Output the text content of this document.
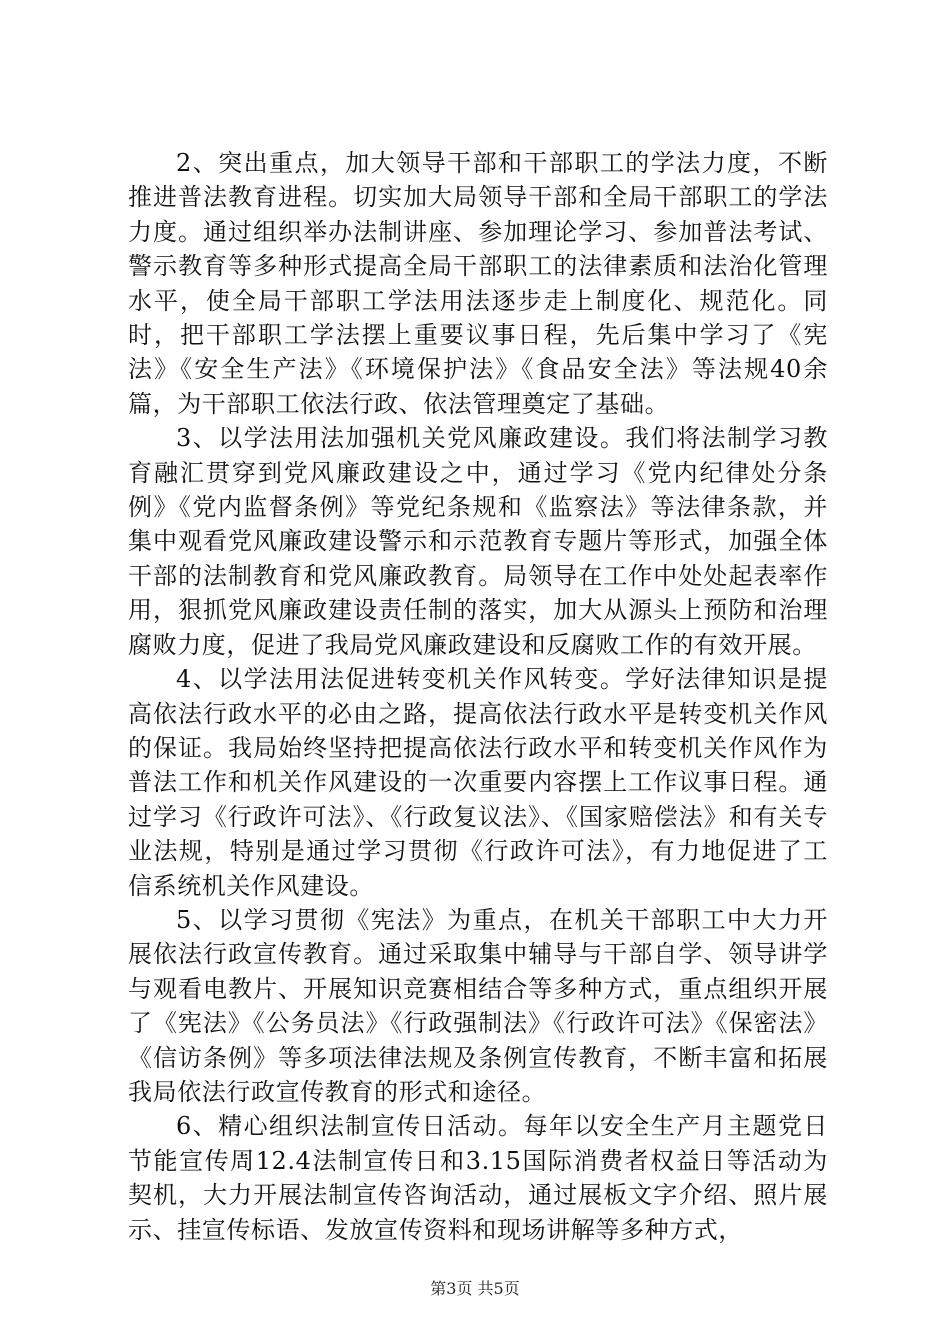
2、突出重点，加大领导干部和干部职工的学法力度，不断推进普法教育进程。切实加大局领导干部和全局干部职工的学法力度。通过组织举办法制讲座、参加理论学习、参加普法考试、警示教育等多种形式提高全局干部职工的法律素质和法治化管理水平，使全局干部职工学法用法逐步走上制度化、规范化。同时，把干部职工学法摆上重要议事日程，先后集中学习了《宪法》《安全生产法》《环境保护法》《食品安全法》等法规40余篇，为干部职工依法行政、依法管理奠定了基础。

3、以学法用法加强机关党风廉政建设。我们将法制学习教育融汇贯穿到党风廉政建设之中，通过学习《党内纪律处分条例》《党内监督条例》等党纪条规和《监察法》等法律条款，并集中观看党风廉政建设警示和示范教育专题片等形式，加强全体干部的法制教育和党风廉政教育。局领导在工作中处处起表率作用，狠抓党风廉政建设责任制的落实，加大从源头上预防和治理腐败力度，促进了我局党风廉政建设和反腐败工作的有效开展。

4、以学法用法促进转变机关作风转变。学好法律知识是提高依法行政水平的必由之路，提高依法行政水平是转变机关作风的保证。我局始终坚持把提高依法行政水平和转变机关作风作为普法工作和机关作风建设的一次重要内容摆上工作议事日程。通过学习《行政许可法》、《行政复议法》、《国家赔偿法》和有关专业法规，特别是通过学习贯彻《行政许可法》，有力地促进了工信系统机关作风建设。

5、以学习贯彻《宪法》为重点，在机关干部职工中大力开展依法行政宣传教育。通过采取集中辅导与干部自学、领导讲学与观看电教片、开展知识竞赛相结合等多种方式，重点组织开展了《宪法》《公务员法》《行政强制法》《行政许可法》《保密法》《信访条例》等多项法律法规及条例宣传教育，不断丰富和拓展我局依法行政宣传教育的形式和途径。

6、精心组织法制宣传日活动。每年以安全生产月主题党日节能宣传周12.4法制宣传日和3.15国际消费者权益日等活动为契机，大力开展法制宣传咨询活动，通过展板文字介绍、照片展示、挂宣传标语、发放宣传资料和现场讲解等多种方式，

第3页 共5页
